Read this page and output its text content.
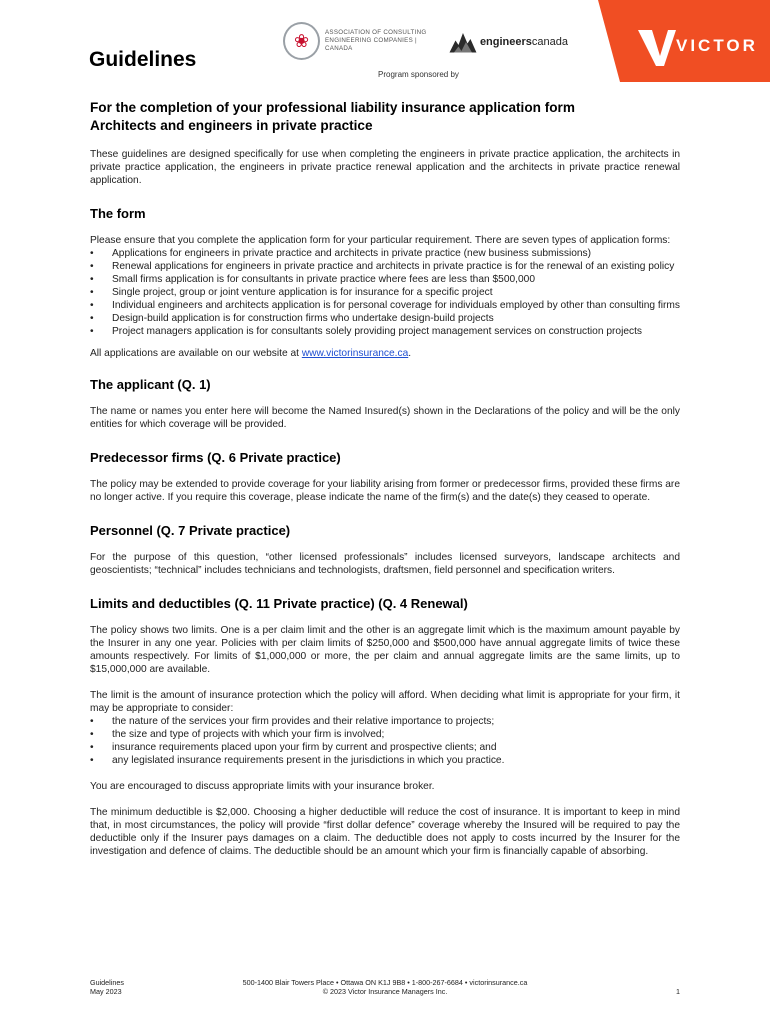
Guidelines
❀	ASSOCIATION OF CONSULTING
ENGINEERING COMPANIES | CANADA
engineerscanada
Program sponsored by
VICTOR
For the completion of your professional liability insurance application form
Architects and engineers in private practice

These guidelines are designed specifically for use when completing the engineers in private practice application, the architects in private practice application, the engineers in private practice renewal application and the architects in private practice renewal application.

The form

Please ensure that you complete the application form for your particular requirement. There are seven types of application forms:

• Applications for engineers in private practice and architects in private practice (new business submissions)
• Renewal applications for engineers in private practice and architects in private practice is for the renewal of an existing policy
• Small firms application is for consultants in private practice where fees are less than $500,000
• Single project, group or joint venture application is for insurance for a specific project
• Individual engineers and architects application is for personal coverage for individuals employed by other than consulting firms
• Design-build application is for construction firms who undertake design-build projects
• Project managers application is for consultants solely providing project management services on construction projects

All applications are available on our website at www.victorinsurance.ca.

The applicant (Q. 1)

The name or names you enter here will become the Named Insured(s) shown in the Declarations of the policy and will be the only entities for which coverage will be provided.

Predecessor firms (Q. 6 Private practice)

The policy may be extended to provide coverage for your liability arising from former or predecessor firms, provided these firms are no longer active. If you require this coverage, please indicate the name of the firm(s) and the date(s) they ceased to operate.

Personnel (Q. 7 Private practice)

For the purpose of this question, “other licensed professionals” includes licensed surveyors, landscape architects and geoscientists; “technical” includes technicians and technologists, draftsmen, field personnel and specification writers.

Limits and deductibles (Q. 11 Private practice) (Q. 4 Renewal)

The policy shows two limits. One is a per claim limit and the other is an aggregate limit which is the maximum amount payable by the Insurer in any one year. Policies with per claim limits of $250,000 and $500,000 have annual aggregate limits of twice these amounts respectively. For limits of $1,000,000 or more, the per claim and annual aggregate limits are the same limits, up to $15,000,000 are available.

The limit is the amount of insurance protection which the policy will afford. When deciding what limit is appropriate for your firm, it may be appropriate to consider:

• the nature of the services your firm provides and their relative importance to projects;
• the size and type of projects with which your firm is involved;
• insurance requirements placed upon your firm by current and prospective clients; and
• any legislated insurance requirements present in the jurisdictions in which you practice.

You are encouraged to discuss appropriate limits with your insurance broker.

The minimum deductible is $2,000. Choosing a higher deductible will reduce the cost of insurance. It is important to keep in mind that, in most circumstances, the policy will provide “first dollar defence” coverage whereby the Insured will be required to pay the deductible only if the Insurer pays damages on a claim. The deductible does not apply to costs incurred by the Insurer for the investigation and defence of claims. The deductible should be an amount which your firm is financially capable of absorbing.

Guidelines
May 2023
500-1400 Blair Towers Place • Ottawa ON K1J 9B8 • 1-800-267-6684 • victorinsurance.ca
© 2023 Victor Insurance Managers Inc.	1
